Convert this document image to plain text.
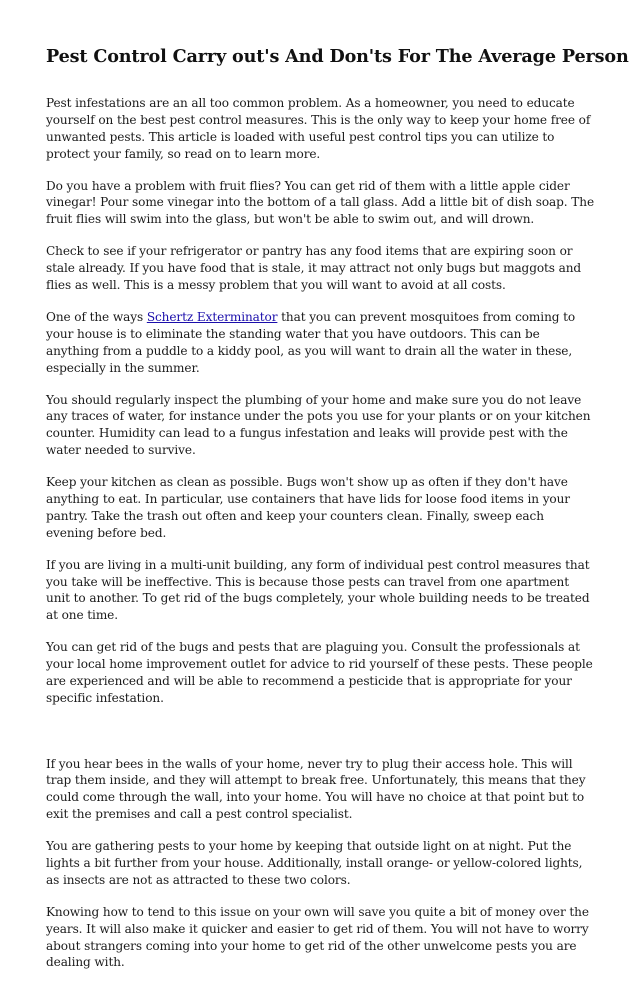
Pest Control Carry out's And Don'ts For The Average Person

Pest infestations are an all too common problem. As a homeowner, you need to educate yourself on the best pest control measures. This is the only way to keep your home free of unwanted pests. This article is loaded with useful pest control tips you can utilize to protect your family, so read on to learn more.

Do you have a problem with fruit flies? You can get rid of them with a little apple cider vinegar! Pour some vinegar into the bottom of a tall glass. Add a little bit of dish soap. The fruit flies will swim into the glass, but won't be able to swim out, and will drown.

Check to see if your refrigerator or pantry has any food items that are expiring soon or stale already. If you have food that is stale, it may attract not only bugs but maggots and flies as well. This is a messy problem that you will want to avoid at all costs.

One of the ways Schertz Exterminator that you can prevent mosquitoes from coming to your house is to eliminate the standing water that you have outdoors. This can be anything from a puddle to a kiddy pool, as you will want to drain all the water in these, especially in the summer.

You should regularly inspect the plumbing of your home and make sure you do not leave any traces of water, for instance under the pots you use for your plants or on your kitchen counter. Humidity can lead to a fungus infestation and leaks will provide pest with the water needed to survive.

Keep your kitchen as clean as possible. Bugs won't show up as often if they don't have anything to eat. In particular, use containers that have lids for loose food items in your pantry. Take the trash out often and keep your counters clean. Finally, sweep each evening before bed.

If you are living in a multi-unit building, any form of individual pest control measures that you take will be ineffective. This is because those pests can travel from one apartment unit to another. To get rid of the bugs completely, your whole building needs to be treated at one time.

You can get rid of the bugs and pests that are plaguing you. Consult the professionals at your local home improvement outlet for advice to rid yourself of these pests. These people are experienced and will be able to recommend a pesticide that is appropriate for your specific infestation.

If you hear bees in the walls of your home, never try to plug their access hole. This will trap them inside, and they will attempt to break free. Unfortunately, this means that they could come through the wall, into your home. You will have no choice at that point but to exit the premises and call a pest control specialist.

You are gathering pests to your home by keeping that outside light on at night. Put the lights a bit further from your house. Additionally, install orange- or yellow-colored lights, as insects are not as attracted to these two colors.

Knowing how to tend to this issue on your own will save you quite a bit of money over the years. It will also make it quicker and easier to get rid of them. You will not have to worry about strangers coming into your home to get rid of the other unwelcome pests you are dealing with.
